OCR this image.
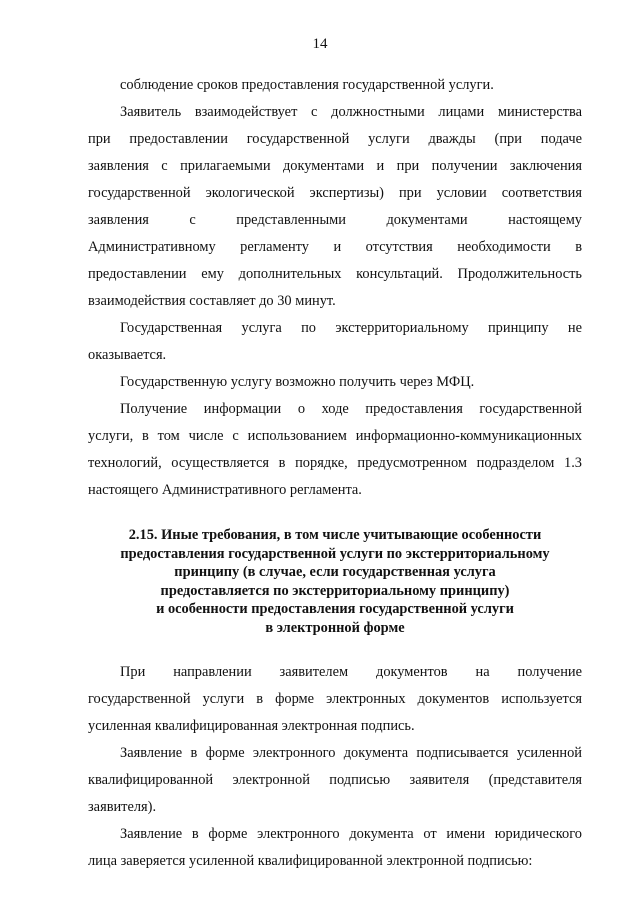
14
соблюдение сроков предоставления государственной услуги.
Заявитель взаимодействует с должностными лицами министерства
при предоставлении государственной услуги дважды (при подаче
заявления с прилагаемыми документами и при получении заключения
государственной экологической экспертизы) при условии соответствия
заявления с представленными документами настоящему
Административному регламенту и отсутствия необходимости в
предоставлении ему дополнительных консультаций. Продолжительность
взаимодействия составляет до 30 минут.
Государственная услуга по экстерриториальному принципу не
оказывается.
Государственную услугу возможно получить через МФЦ.
Получение информации о ходе предоставления государственной
услуги, в том числе с использованием информационно-коммуникационных
технологий, осуществляется в порядке, предусмотренном подразделом 1.3
настоящего Административного регламента.
2.15. Иные требования, в том числе учитывающие особенности
предоставления государственной услуги по экстерриториальному
принципу (в случае, если государственная услуга
предоставляется по экстерриториальному принципу)
и особенности предоставления государственной услуги
в электронной форме
При направлении заявителем документов на получение
государственной услуги в форме электронных документов используется
усиленная квалифицированная электронная подпись.
Заявление в форме электронного документа подписывается усиленной
квалифицированной электронной подписью заявителя (представителя
заявителя).
Заявление в форме электронного документа от имени юридического
лица заверяется усиленной квалифицированной электронной подписью:
